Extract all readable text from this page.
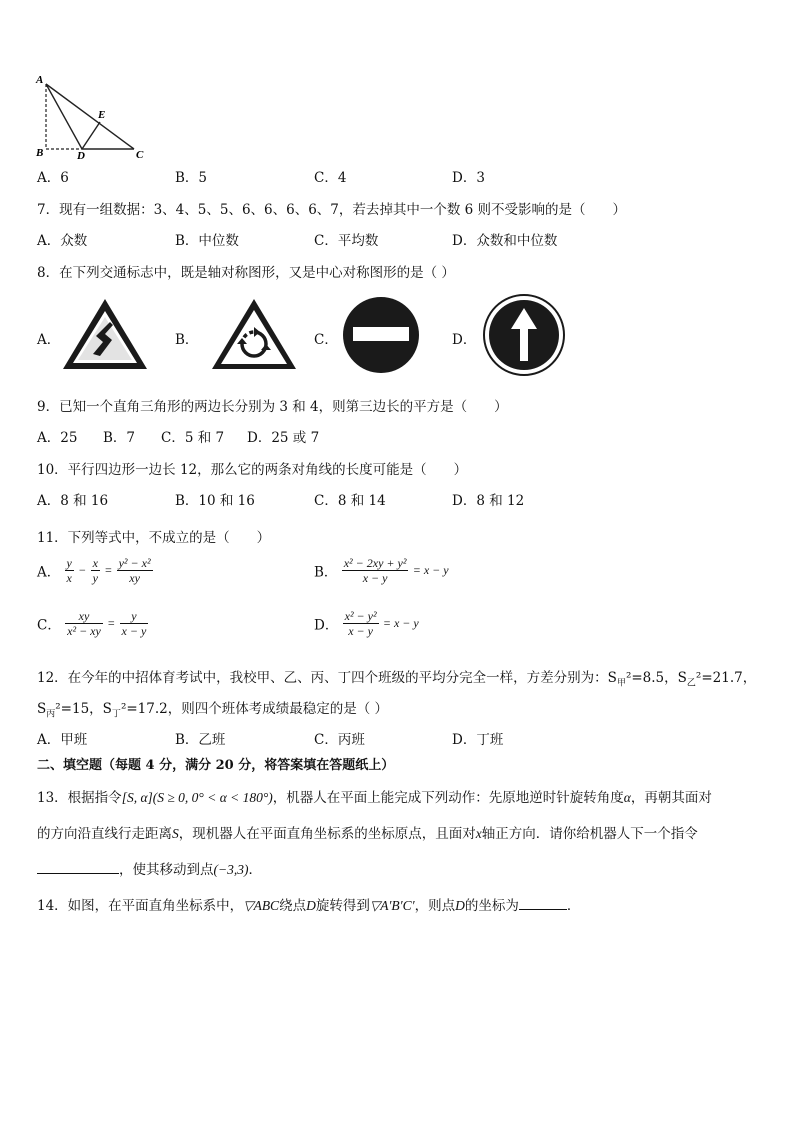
A
B	D	C
E
A．6	B．5	C．4	D．3
7．现有一组数据：3、4、5、5、6、6、6、6、7，若去掉其中一个数 6 则不受影响的是（　　）
A．众数	B．中位数	C．平均数	D．众数和中位数
8．在下列交通标志中，既是轴对称图形，又是中心对称图形的是（ ）
A．	B．	C．	D．
9．已知一个直角三角形的两边长分别为 3 和 4，则第三边长的平方是（　　）
A．25 B．7 C．5 和 7 D．25 或 7
10．平行四边形一边长 12，那么它的两条对角线的长度可能是（　　）
A．8 和 16	B．10 和 16	C．8 和 14	D．8 和 12
11．下列等式中，不成立的是（　　）
A． $\frac{y}{x} - \frac{x}{y} = \frac{\text{y² − x²}}{xy}$	B． $\frac{\text{x² − 2xy + y²}}{x - y} = x - y$
C． $\frac{xy}{\text{x² − xy}} = \frac{y}{x - y}$	D． $\frac{\text{x² − y²}}{x - y} = x - y$
12．在今年的中招体育考试中，我校甲、乙、丙、丁四个班级的平均分完全一样，方差分别为：$S_甲^2=8.5$，$S_乙^2=21.7$，
$S_丙^2=15$，$S_丁^2=17.2$，则四个班体考成绩最稳定的是（ ）
A．甲班	B．乙班	C．丙班	D．丁班
二、填空题（每题 4 分，满分 20 分，将答案填在答题纸上）
13．根据指令[S, α](S ≥ 0, 0° < α < 180°)，机器人在平面上能完成下列动作：先原地逆时针旋转角度α，再朝其面对
的方向沿直线行走距离S，现机器人在平面直角坐标系的坐标原点，且面对x轴正方向．请你给机器人下一个指令
，使其移动到点(−3,3)．
14．如图，在平面直角坐标系中，▽ABC绕点D旋转得到▽A′B′C′，则点D的坐标为	．
